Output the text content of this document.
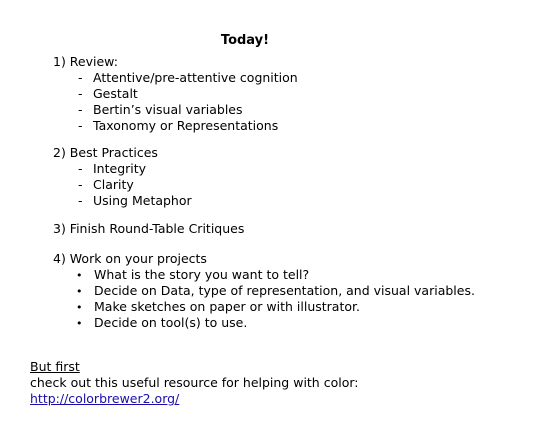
Today!
1) Review:
- Attentive/pre-attentive cognition
- Gestalt
- Bertin’s visual variables
- Taxonomy or Representations
2) Best Practices
- Integrity
- Clarity
- Using Metaphor
3) Finish Round-Table Critiques
4) Work on your projects
• What is the story you want to tell?
• Decide on Data, type of representation, and visual variables.
• Make sketches on paper or with illustrator.
• Decide on tool(s) to use.
But first
check out this useful resource for helping with color:
http://colorbrewer2.org/
